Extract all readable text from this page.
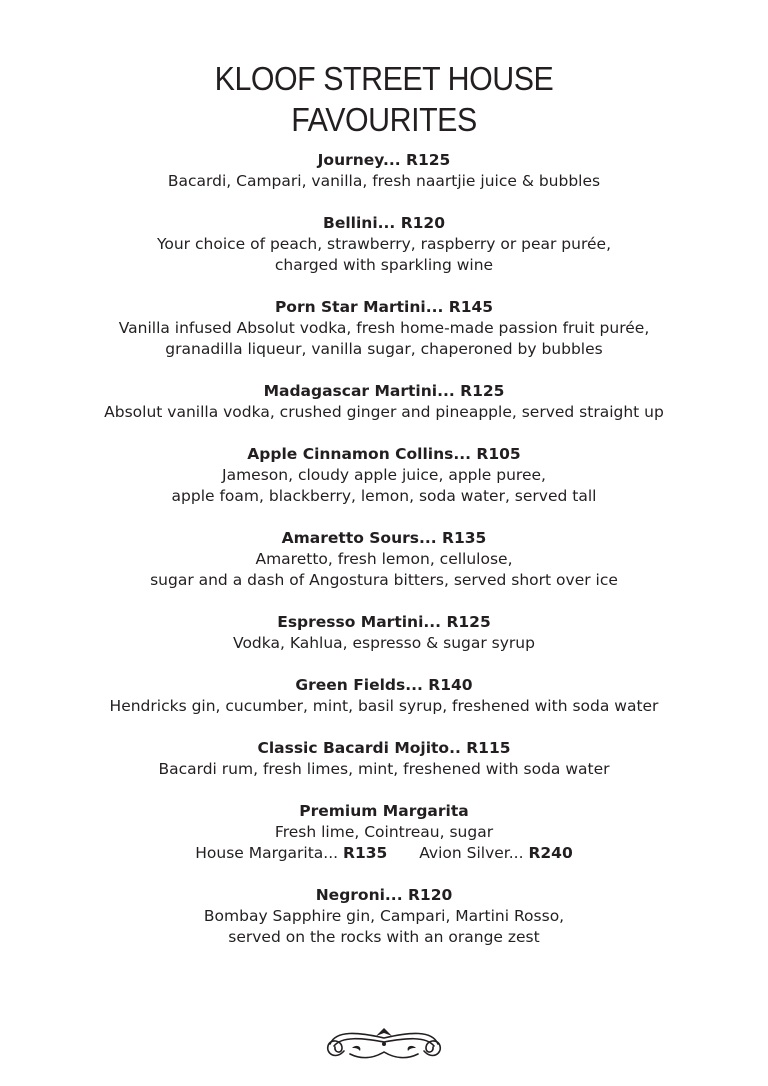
KLOOF STREET HOUSE
FAVOURITES
Journey... R125
Bacardi, Campari, vanilla, fresh naartjie juice & bubbles
Bellini... R120
Your choice of peach, strawberry, raspberry or pear purée,
charged with sparkling wine
Porn Star Martini... R145
Vanilla infused Absolut vodka, fresh home-made passion fruit purée,
granadilla liqueur, vanilla sugar, chaperoned by bubbles
Madagascar Martini... R125
Absolut vanilla vodka, crushed ginger and pineapple, served straight up
Apple Cinnamon Collins... R105
Jameson, cloudy apple juice, apple puree,
apple foam, blackberry, lemon, soda water, served tall
Amaretto Sours... R135
Amaretto, fresh lemon, cellulose,
sugar and a dash of Angostura bitters, served short over ice
Espresso Martini... R125
Vodka, Kahlua, espresso & sugar syrup
Green Fields... R140
Hendricks gin, cucumber, mint, basil syrup, freshened with soda water
Classic Bacardi Mojito.. R115
Bacardi rum, fresh limes, mint, freshened with soda water
Premium Margarita
Fresh lime, Cointreau, sugar
House Margarita... R135 Avion Silver... R240
Negroni... R120
Bombay Sapphire gin, Campari, Martini Rosso,
served on the rocks with an orange zest
